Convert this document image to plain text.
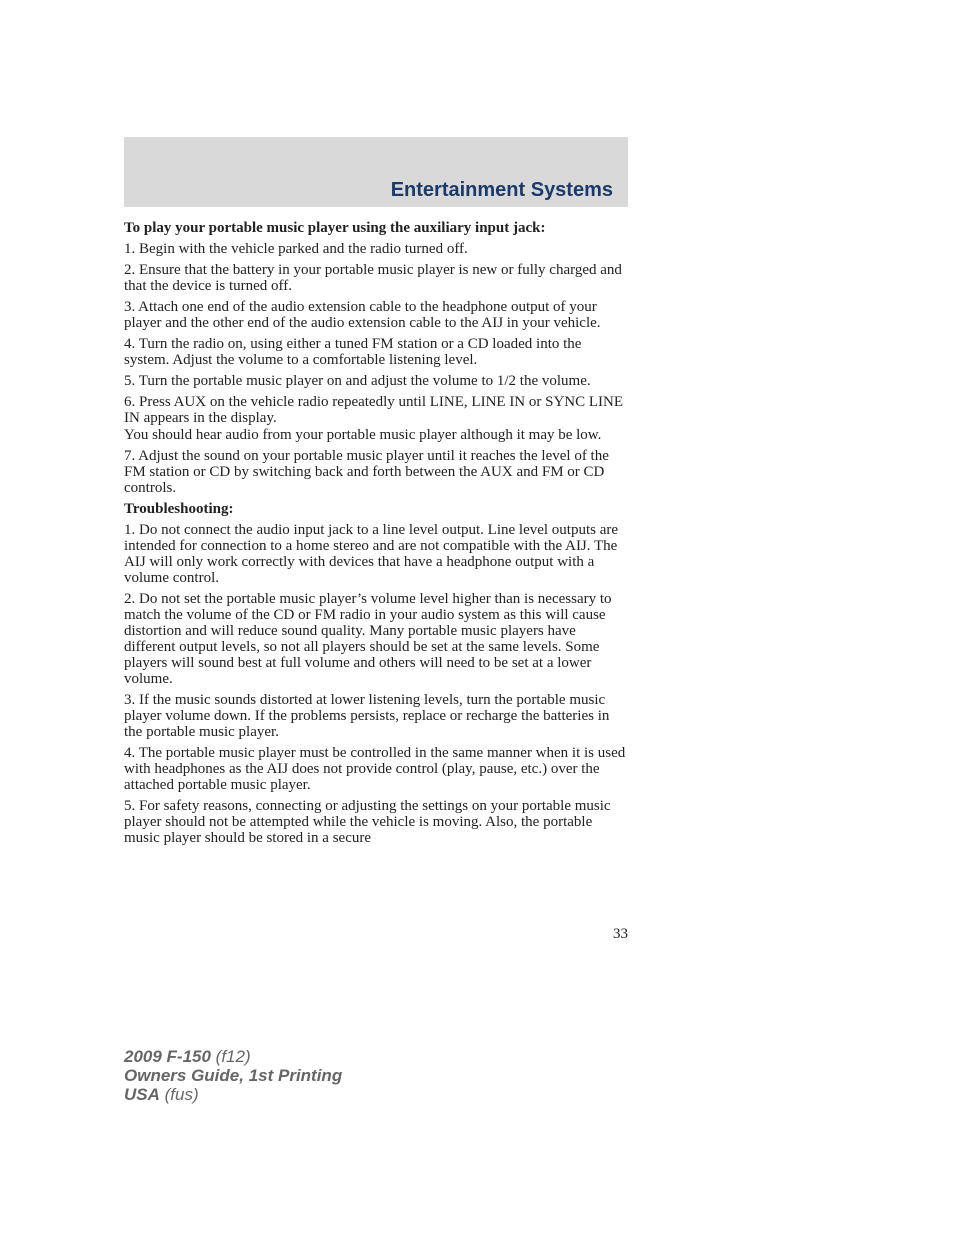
Entertainment Systems

To play your portable music player using the auxiliary input jack:

1. Begin with the vehicle parked and the radio turned off.

2. Ensure that the battery in your portable music player is new or fully charged and that the device is turned off.

3. Attach one end of the audio extension cable to the headphone output of your player and the other end of the audio extension cable to the AIJ in your vehicle.

4. Turn the radio on, using either a tuned FM station or a CD loaded into the system. Adjust the volume to a comfortable listening level.

5. Turn the portable music player on and adjust the volume to 1/2 the volume.

6. Press AUX on the vehicle radio repeatedly until LINE, LINE IN or SYNC LINE IN appears in the display.

You should hear audio from your portable music player although it may be low.

7. Adjust the sound on your portable music player until it reaches the level of the FM station or CD by switching back and forth between the AUX and FM or CD controls.

Troubleshooting:

1. Do not connect the audio input jack to a line level output. Line level outputs are intended for connection to a home stereo and are not compatible with the AIJ. The AIJ will only work correctly with devices that have a headphone output with a volume control.

2. Do not set the portable music player’s volume level higher than is necessary to match the volume of the CD or FM radio in your audio system as this will cause distortion and will reduce sound quality. Many portable music players have different output levels, so not all players should be set at the same levels. Some players will sound best at full volume and others will need to be set at a lower volume.

3. If the music sounds distorted at lower listening levels, turn the portable music player volume down. If the problems persists, replace or recharge the batteries in the portable music player.

4. The portable music player must be controlled in the same manner when it is used with headphones as the AIJ does not provide control (play, pause, etc.) over the attached portable music player.

5. For safety reasons, connecting or adjusting the settings on your portable music player should not be attempted while the vehicle is moving. Also, the portable music player should be stored in a secure

33
2009 F-150 (f12)
Owners Guide, 1st Printing
USA (fus)
